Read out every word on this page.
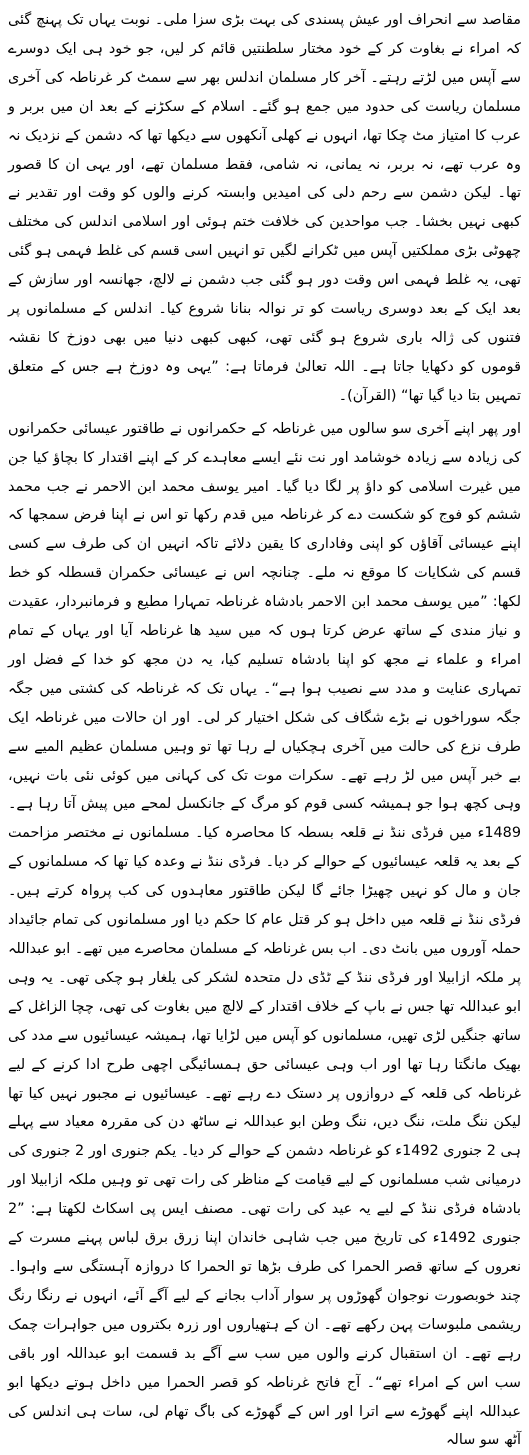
مقاصد سے انحراف اور عیش پسندی کی بہت بڑی سزا ملی۔ نوبت یہاں تک پہنچ گئی کہ امراء نے بغاوت کر کے خود مختار سلطنتیں قائم کر لیں، جو خود ہی ایک دوسرے سے آپس میں لڑتے رہتے۔ آخر کار مسلمان اندلس بھر سے سمٹ کر غرناطہ کی آخری مسلمان ریاست کی حدود میں جمع ہو گئے۔ اسلام کے سکڑنے کے بعد ان میں بربر و عرب کا امتیاز مٹ چکا تھا، انہوں نے کھلی آنکھوں سے دیکھا تھا کہ دشمن کے نزدیک نہ وہ عرب تھے، نہ بربر، نہ یمانی، نہ شامی، فقط مسلمان تھے، اور یہی ان کا قصور تھا۔ لیکن دشمن سے رحم دلی کی امیدیں وابستہ کرنے والوں کو وقت اور تقدیر نے کبھی نہیں بخشا۔ جب مواحدین کی خلافت ختم ہوئی اور اسلامی اندلس کی مختلف چھوٹی بڑی مملکتیں آپس میں ٹکرانے لگیں تو انہیں اسی قسم کی غلط فہمی ہو گئی تھی، یہ غلط فہمی اس وقت دور ہو گئی جب دشمن نے لالچ، جھانسہ اور سازش کے بعد ایک کے بعد دوسری ریاست کو تر نوالہ بنانا شروع کیا۔ اندلس کے مسلمانوں پر فتنوں کی ژالہ باری شروع ہو گئی تھی، کبھی کبھی دنیا میں بھی دوزخ کا نقشہ قوموں کو دکھایا جاتا ہے۔ اللہ تعالیٰ فرماتا ہے: ”یہی وہ دوزخ ہے جس کے متعلق تمہیں بتا دیا گیا تھا“ (القرآن)۔

اور پھر اپنے آخری سو سالوں میں غرناطہ کے حکمرانوں نے طاقتور عیسائی حکمرانوں کی زیادہ سے زیادہ خوشامد اور نت نئے ایسے معاہدے کر کے اپنے اقتدار کا بچاؤ کیا جن میں غیرت اسلامی کو داؤ پر لگا دیا گیا۔ امیر یوسف محمد ابن الاحمر نے جب محمد ششم کو فوج کو شکست دے کر غرناطہ میں قدم رکھا تو اس نے اپنا فرض سمجھا کہ اپنے عیسائی آقاؤں کو اپنی وفاداری کا یقین دلائے تاکہ انہیں ان کی طرف سے کسی قسم کی شکایات کا موقع نہ ملے۔ چنانچہ اس نے عیسائی حکمران قسطلہ کو خط لکھا: ”میں یوسف محمد ابن الاحمر بادشاہ غرناطہ تمہارا مطیع و فرمانبردار، عقیدت و نیاز مندی کے ساتھ عرض کرتا ہوں کہ میں سید ھا غرناطہ آیا اور یہاں کے تمام امراء و علماء نے مجھ کو اپنا بادشاہ تسلیم کیا، یہ دن مجھ کو خدا کے فضل اور تمہاری عنایت و مدد سے نصیب ہوا ہے“۔ یہاں تک کہ غرناطہ کی کشتی میں جگہ جگہ سوراخوں نے بڑے شگاف کی شکل اختیار کر لی۔ اور ان حالات میں غرناطہ ایک طرف نزع کی حالت میں آخری ہچکیاں لے رہا تھا تو وہیں مسلمان عظیم المیے سے بے خبر آپس میں لڑ رہے تھے۔ سکرات موت تک کی کہانی میں کوئی نئی بات نہیں، وہی کچھ ہوا جو ہمیشہ کسی قوم کو مرگ کے جانکسل لمحے میں پیش آتا رہا ہے۔ 1489ء میں فرڈی ننڈ نے قلعہ بسطہ کا محاصرہ کیا۔ مسلمانوں نے مختصر مزاحمت کے بعد یہ قلعہ عیسائیوں کے حوالے کر دیا۔ فرڈی ننڈ نے وعدہ کیا تھا کہ مسلمانوں کے جان و مال کو نہیں چھیڑا جائے گا لیکن طاقتور معاہدوں کی کب پرواہ کرتے ہیں۔ فرڈی ننڈ نے قلعہ میں داخل ہو کر قتل عام کا حکم دیا اور مسلمانوں کی تمام جائیداد حملہ آوروں میں بانٹ دی۔ اب بس غرناطہ کے مسلمان محاصرے میں تھے۔ ابو عبداللہ پر ملکہ ازابیلا اور فرڈی ننڈ کے ٹڈی دل متحدہ لشکر کی یلغار ہو چکی تھی۔ یہ وہی ابو عبداللہ تھا جس نے باپ کے خلاف اقتدار کے لالچ میں بغاوت کی تھی، چچا الزاغل کے ساتھ جنگیں لڑی تھیں، مسلمانوں کو آپس میں لڑایا تھا، ہمیشہ عیسائیوں سے مدد کی بھیک مانگتا رہا تھا اور اب وہی عیسائی حق ہمسائیگی اچھی طرح ادا کرنے کے لیے غرناطہ کی قلعہ کے دروازوں پر دستک دے رہے تھے۔ عیسائیوں نے مجبور نہیں کیا تھا لیکن ننگ ملت، ننگ دیں، ننگ وطن ابو عبداللہ نے ساٹھ دن کی مقررہ معیاد سے پہلے ہی 2 جنوری 1492ء کو غرناطہ دشمن کے حوالے کر دیا۔ یکم جنوری اور 2 جنوری کی درمیانی شب مسلمانوں کے لیے قیامت کے مناظر کی رات تھی تو وہیں ملکہ ازابیلا اور بادشاہ فرڈی ننڈ کے لیے یہ عید کی رات تھی۔ مصنف ایس پی اسکاٹ لکھتا ہے: ”2 جنوری 1492ء کی تاریخ میں جب شاہی خاندان اپنا زرق برق لباس پہنے مسرت کے نعروں کے ساتھ قصر الحمرا کی طرف بڑھا تو الحمرا کا دروازہ آہستگی سے واہوا۔ چند خوبصورت نوجوان گھوڑوں پر سوار آداب بجانے کے لیے آگے آئے، انہوں نے رنگا رنگ ریشمی ملبوسات پہن رکھے تھے۔ ان کے ہتھیاروں اور زرہ بکتروں میں جواہرات چمک رہے تھے۔ ان استقبال کرنے والوں میں سب سے آگے بد قسمت ابو عبداللہ اور باقی سب اس کے امراء تھے“۔ آج فاتح غرناطہ کو قصر الحمرا میں داخل ہوتے دیکھا ابو عبداللہ اپنے گھوڑے سے اترا اور اس کے گھوڑے کی باگ تھام لی، سات ہی اندلس کی آٹھ سو سالہ
